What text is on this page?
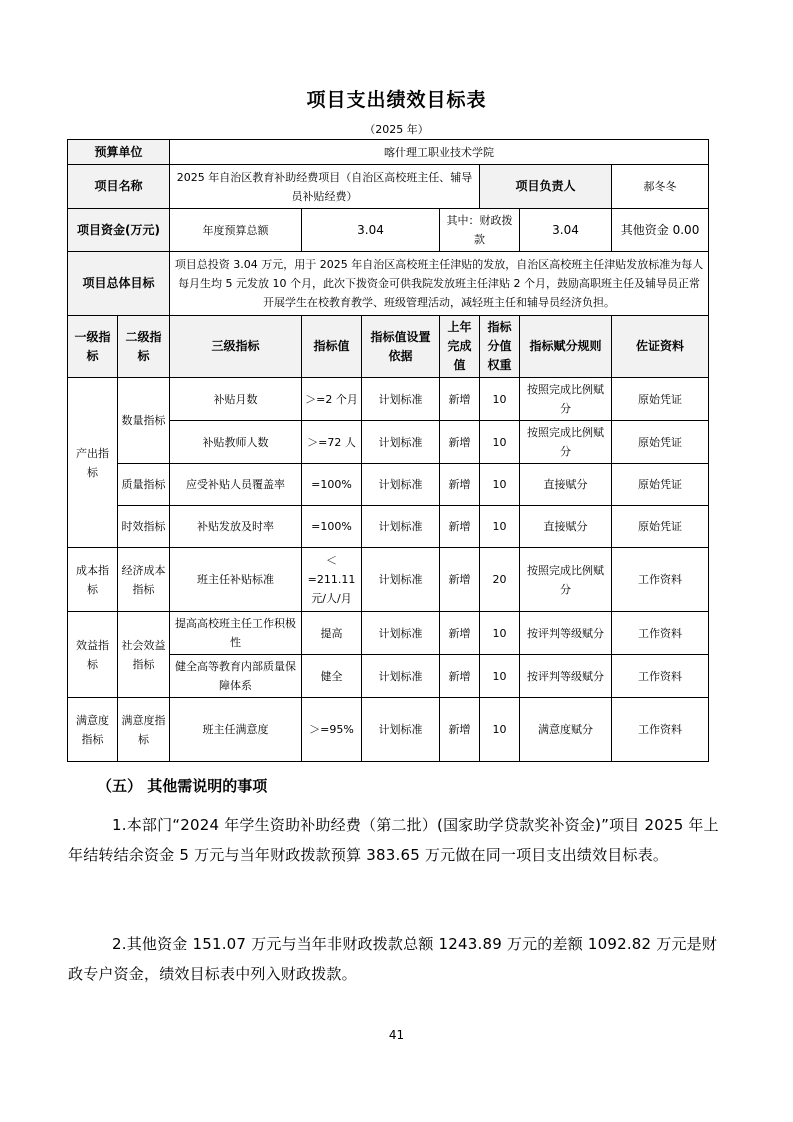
项目支出绩效目标表
（2025 年）
预算单位		喀什理工职业技术学院						
项目名称		2025 年自治区教育补助经费项目（自治区高校班主任、辅导员补贴经费）				项目负责人		郝冬冬
项目资金(万元)		年度预算总额	3.04		其中：财政拨款		3.04	其他资金 0.00
项目总体目标		项目总投资 3.04 万元，用于 2025 年自治区高校班主任津贴的发放，自治区高校班主任津贴发放标准为每人每月生均 5 元发放 10 个月，此次下拨资金可供我院发放班主任津贴 2 个月，鼓励高职班主任及辅导员正常开展学生在校教育教学、班级管理活动，减轻班主任和辅导员经济负担。						
一级指标	二级指标	三级指标	指标值	指标值设置依据	上年完成值	指标分值权重	指标赋分规则	佐证资料
产出指标	数量指标	补贴月数	＞=2 个月	计划标准	新增	10	按照完成比例赋分	原始凭证
		补贴教师人数	＞=72 人	计划标准	新增	10	按照完成比例赋分	原始凭证
	质量指标	应受补贴人员覆盖率	=100%	计划标准	新增	10	直接赋分	原始凭证
	时效指标	补贴发放及时率	=100%	计划标准	新增	10	直接赋分	原始凭证
成本指标	经济成本指标	班主任补贴标准	＜=211.11 元/人/月	计划标准	新增	20	按照完成比例赋分	工作资料
效益指标	社会效益指标	提高高校班主任工作积极性	提高	计划标准	新增	10	按评判等级赋分	工作资料
		健全高等教育内部质量保障体系	健全	计划标准	新增	10	按评判等级赋分	工作资料
满意度指标	满意度指标	班主任满意度	＞=95%	计划标准	新增	10	满意度赋分	工作资料
（五） 其他需说明的事项
1.本部门“2024 年学生资助补助经费（第二批）(国家助学贷款奖补资金)”项目 2025 年上年结转结余资金 5 万元与当年财政拨款预算 383.65 万元做在同一项目支出绩效目标表。
2.其他资金 151.07 万元与当年非财政拨款总额 1243.89 万元的差额 1092.82 万元是财政专户资金，绩效目标表中列入财政拨款。
41
